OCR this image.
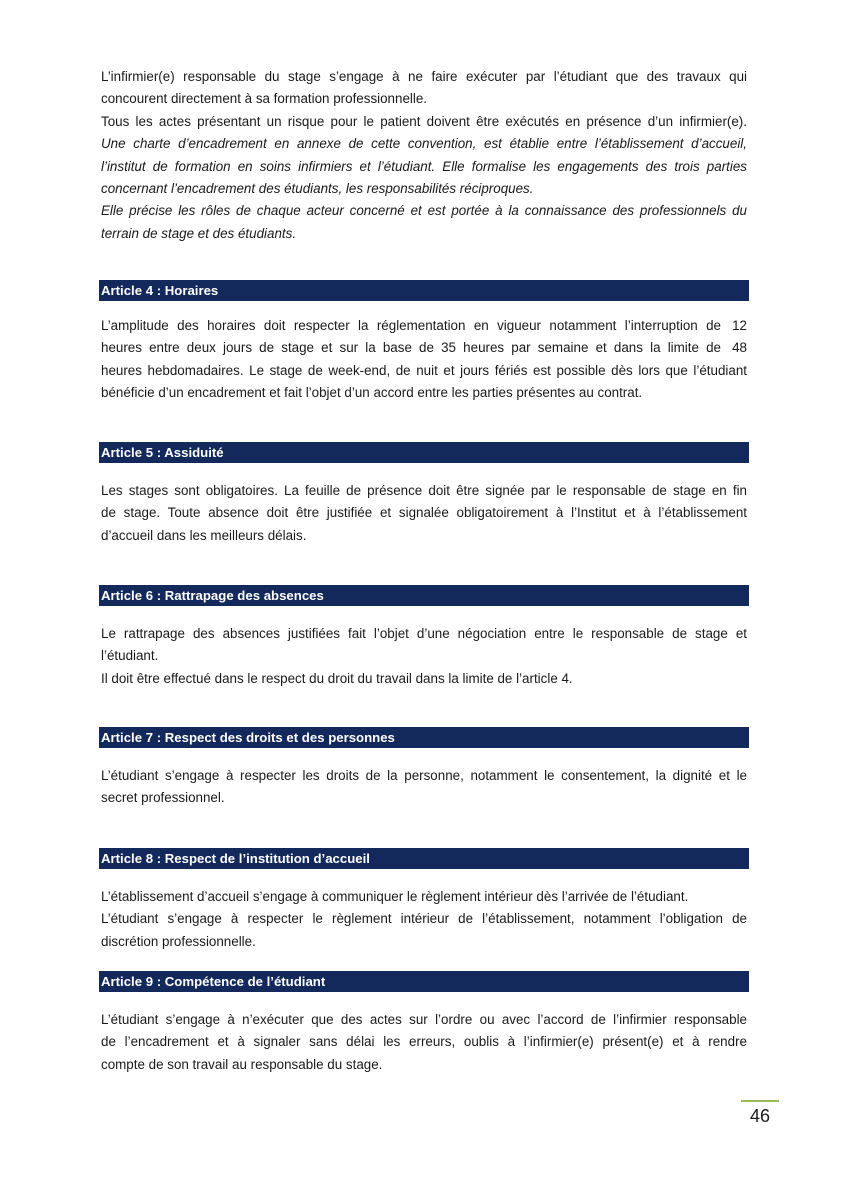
L’infirmier(e) responsable du stage s’engage à ne faire exécuter par l’étudiant que des travaux qui

concourent directement à sa formation professionnelle.

Tous les actes présentant un risque pour le patient doivent être exécutés en présence d’un infirmier(e).

Une charte d’encadrement en annexe de cette convention, est établie entre l’établissement d’accueil,

l’institut de formation en soins infirmiers et l’étudiant. Elle formalise les engagements des trois parties

concernant l’encadrement des étudiants, les responsabilités réciproques.

Elle précise les rôles de chaque acteur concerné et est portée à la connaissance des professionnels du

terrain de stage et des étudiants.

Article 4 : Horaires
L’amplitude des horaires doit respecter la réglementation en vigueur notamment l’interruption de 12
heures entre deux jours de stage et sur la base de 35 heures par semaine et dans la limite de 48

heures hebdomadaires. Le stage de week-end, de nuit et jours fériés est possible dès lors que l’étudiant

bénéficie d’un encadrement et fait l’objet d’un accord entre les parties présentes au contrat.

Article 5 : Assiduité

Les stages sont obligatoires. La feuille de présence doit être signée par le responsable de stage en fin

de stage. Toute absence doit être justifiée et signalée obligatoirement à l’Institut et à l’établissement

d’accueil dans les meilleurs délais.

Article 6 : Rattrapage des absences

Le rattrapage des absences justifiées fait l’objet d’une négociation entre le responsable de stage et

l’étudiant.

Il doit être effectué dans le respect du droit du travail dans la limite de l’article 4.

Article 7 : Respect des droits et des personnes

L’étudiant s’engage à respecter les droits de la personne, notamment le consentement, la dignité et le

secret professionnel.

Article 8 : Respect de l’institution d’accueil

L’établissement d’accueil s’engage à communiquer le règlement intérieur dès l’arrivée de l’étudiant.

L’étudiant s’engage à respecter le règlement intérieur de l’établissement, notamment l’obligation de

discrétion professionnelle.

Article 9 : Compétence de l’étudiant

L’étudiant s’engage à n’exécuter que des actes sur l’ordre ou avec l’accord de l’infirmier responsable

de l’encadrement et à signaler sans délai les erreurs, oublis à l’infirmier(e) présent(e) et à rendre

compte de son travail au responsable du stage.

46
